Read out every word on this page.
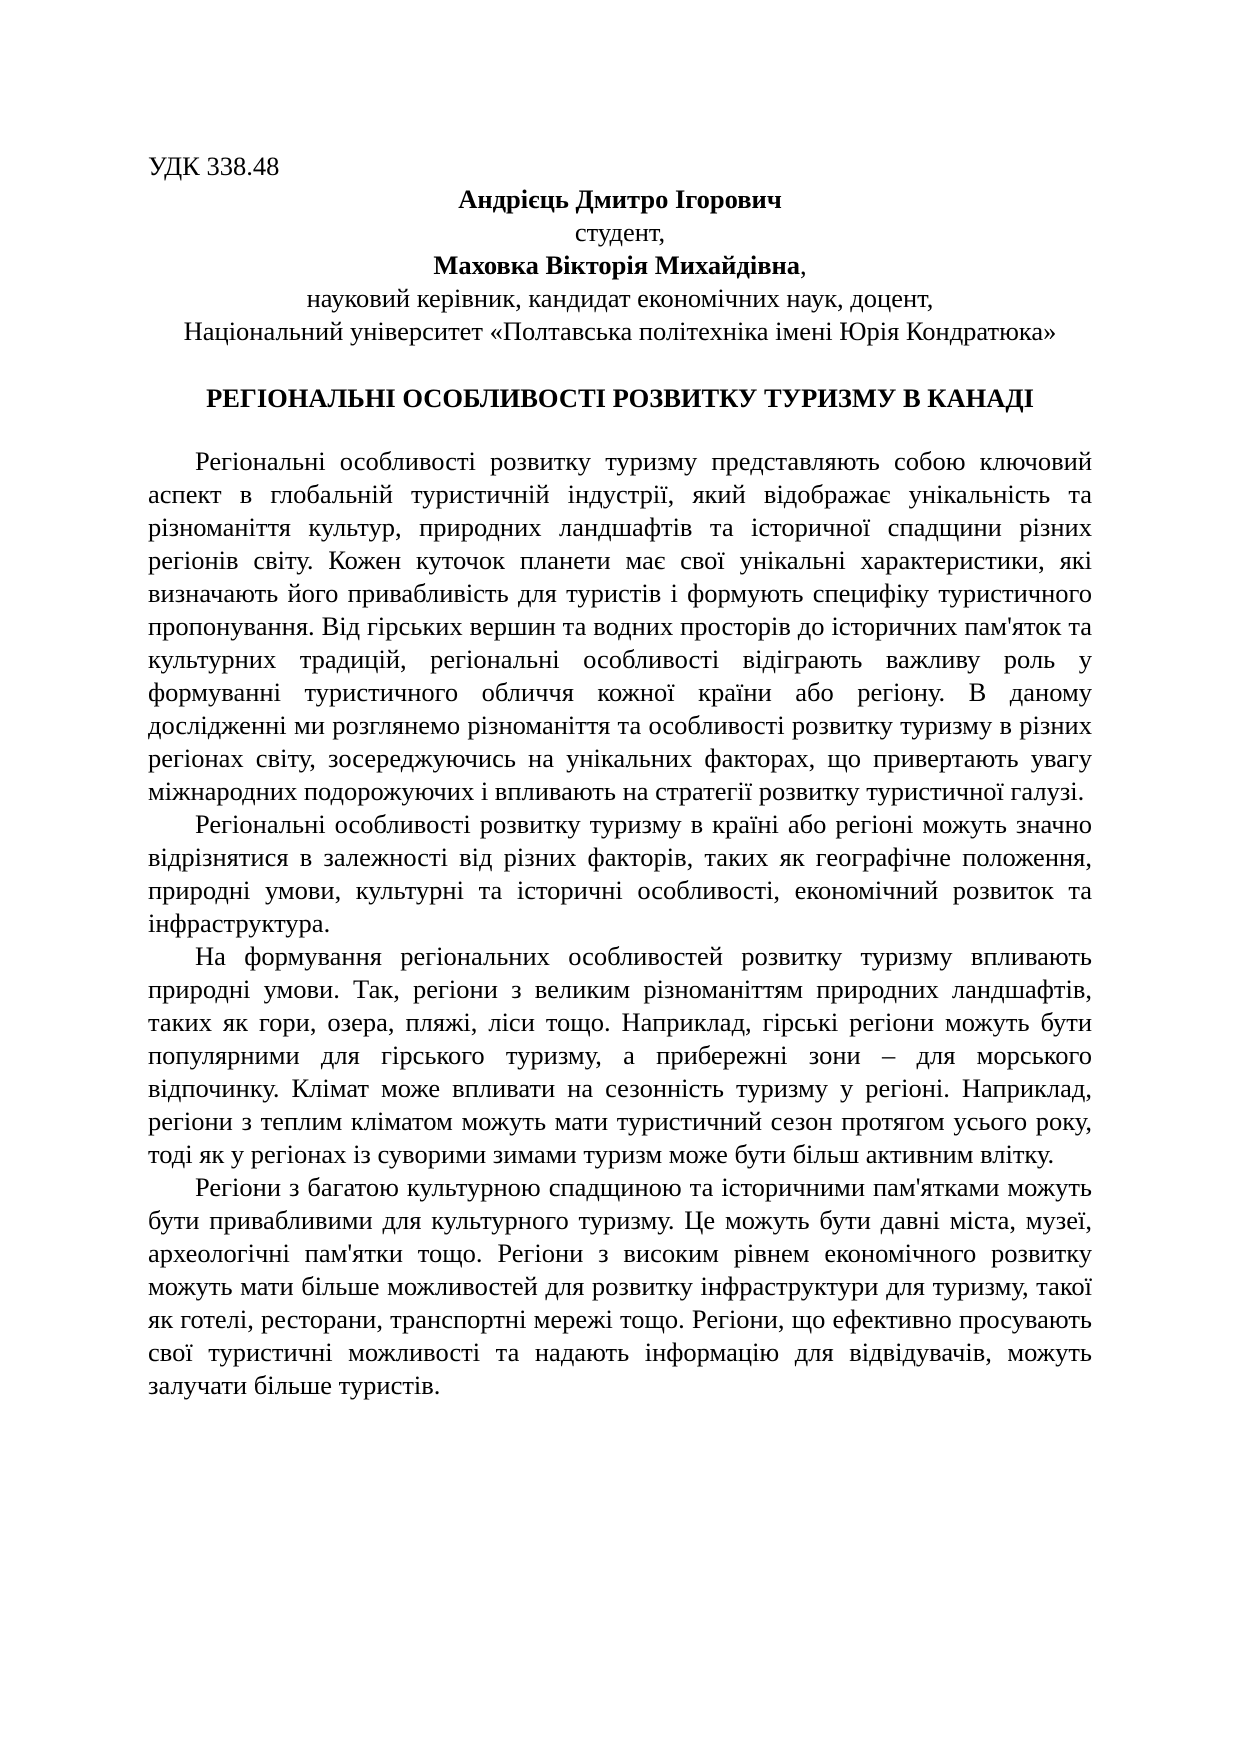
УДК 338.48

Андрієць Дмитро Ігорович

студент,

Маховка Вікторія Михайдівна,

науковий керівник, кандидат економічних наук, доцент,

Національний університет «Полтавська політехніка імені Юрія Кондратюка»

РЕГІОНАЛЬНІ ОСОБЛИВОСТІ РОЗВИТКУ ТУРИЗМУ В КАНАДІ

Регіональні особливості розвитку туризму представляють собою ключовий аспект в глобальній туристичній індустрії, який відображає унікальність та різноманіття культур, природних ландшафтів та історичної спадщини різних регіонів світу. Кожен куточок планети має свої унікальні характеристики, які визначають його привабливість для туристів і формують специфіку туристичного пропонування. Від гірських вершин та водних просторів до історичних пам'яток та культурних традицій, регіональні особливості відіграють важливу роль у формуванні туристичного обличчя кожної країни або регіону. В даному дослідженні ми розглянемо різноманіття та особливості розвитку туризму в різних регіонах світу, зосереджуючись на унікальних факторах, що привертають увагу міжнародних подорожуючих і впливають на стратегії розвитку туристичної галузі.

Регіональні особливості розвитку туризму в країні або регіоні можуть значно відрізнятися в залежності від різних факторів, таких як географічне положення, природні умови, культурні та історичні особливості, економічний розвиток та інфраструктура.

На формування регіональних особливостей розвитку туризму впливають природні умови. Так, регіони з великим різноманіттям природних ландшафтів, таких як гори, озера, пляжі, ліси тощо. Наприклад, гірські регіони можуть бути популярними для гірського туризму, а прибережні зони – для морського відпочинку. Клімат може впливати на сезонність туризму у регіоні. Наприклад, регіони з теплим кліматом можуть мати туристичний сезон протягом усього року, тоді як у регіонах із суворими зимами туризм може бути більш активним влітку.

Регіони з багатою культурною спадщиною та історичними пам'ятками можуть бути привабливими для культурного туризму. Це можуть бути давні міста, музеї, археологічні пам'ятки тощо. Регіони з високим рівнем економічного розвитку можуть мати більше можливостей для розвитку інфраструктури для туризму, такої як готелі, ресторани, транспортні мережі тощо. Регіони, що ефективно просувають свої туристичні можливості та надають інформацію для відвідувачів, можуть залучати більше туристів.
